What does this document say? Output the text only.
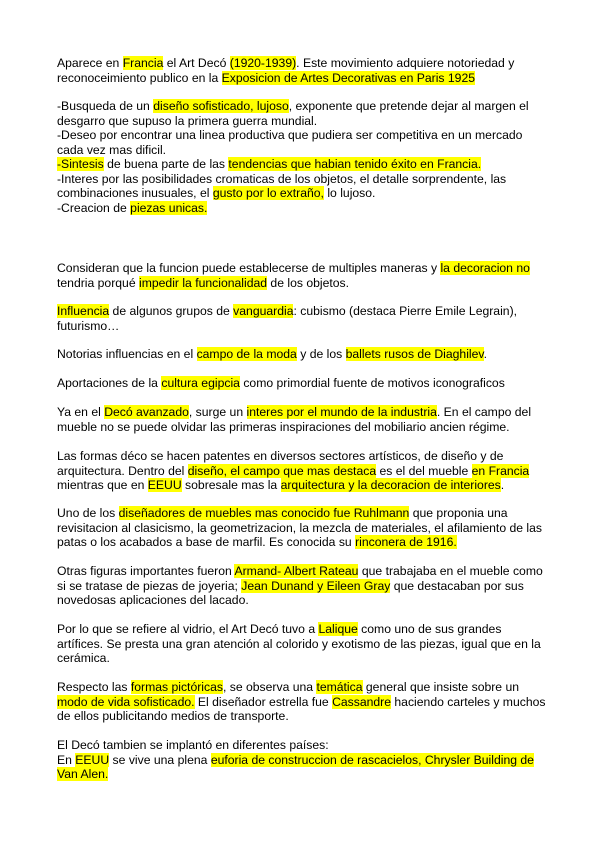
Aparece en Francia el Art Decó (1920-1939). Este movimiento adquiere notoriedad y
reconoceimiento publico en la Exposicion de Artes Decorativas en Paris 1925
-Busqueda de un diseño sofisticado, lujoso, exponente que pretende dejar al margen el
desgarro que supuso la primera guerra mundial.
-Deseo por encontrar una linea productiva que pudiera ser competitiva en un mercado
cada vez mas dificil.
-Sintesis de buena parte de las tendencias que habian tenido éxito en Francia.
-Interes por las posibilidades cromaticas de los objetos, el detalle sorprendente, las
combinaciones inusuales, el gusto por lo extraño, lo lujoso.
-Creacion de piezas unicas.
Consideran que la funcion puede establecerse de multiples maneras y la decoracion no
tendria porqué impedir la funcionalidad de los objetos.
Influencia de algunos grupos de vanguardia: cubismo (destaca Pierre Emile Legrain),
futurismo…
Notorias influencias en el campo de la moda y de los ballets rusos de Diaghilev.
Aportaciones de la cultura egipcia como primordial fuente de motivos iconograficos
Ya en el Decó avanzado, surge un interes por el mundo de la industria. En el campo del
mueble no se puede olvidar las primeras inspiraciones del mobiliario ancien régime.
Las formas déco se hacen patentes en diversos sectores artísticos, de diseño y de
arquitectura. Dentro del diseño, el campo que mas destaca es el del mueble en Francia
mientras que en EEUU sobresale mas la arquitectura y la decoracion de interiores.
Uno de los diseñadores de muebles mas conocido fue Ruhlmann que proponia una
revisitacion al clasicismo, la geometrizacion, la mezcla de materiales, el afilamiento de las
patas o los acabados a base de marfil. Es conocida su rinconera de 1916.
Otras figuras importantes fueron Armand- Albert Rateau que trabajaba en el mueble como
si se tratase de piezas de joyeria; Jean Dunand y Eileen Gray que destacaban por sus
novedosas aplicaciones del lacado.
Por lo que se refiere al vidrio, el Art Decó tuvo a Lalique como uno de sus grandes
artífices. Se presta una gran atención al colorido y exotismo de las piezas, igual que en la
cerámica.
Respecto las formas pictóricas, se observa una temática general que insiste sobre un
modo de vida sofisticado. El diseñador estrella fue Cassandre haciendo carteles y muchos
de ellos publicitando medios de transporte.
El Decó tambien se implantó en diferentes países:
En EEUU se vive una plena euforia de construccion de rascacielos, Chrysler Building de
Van Alen.
